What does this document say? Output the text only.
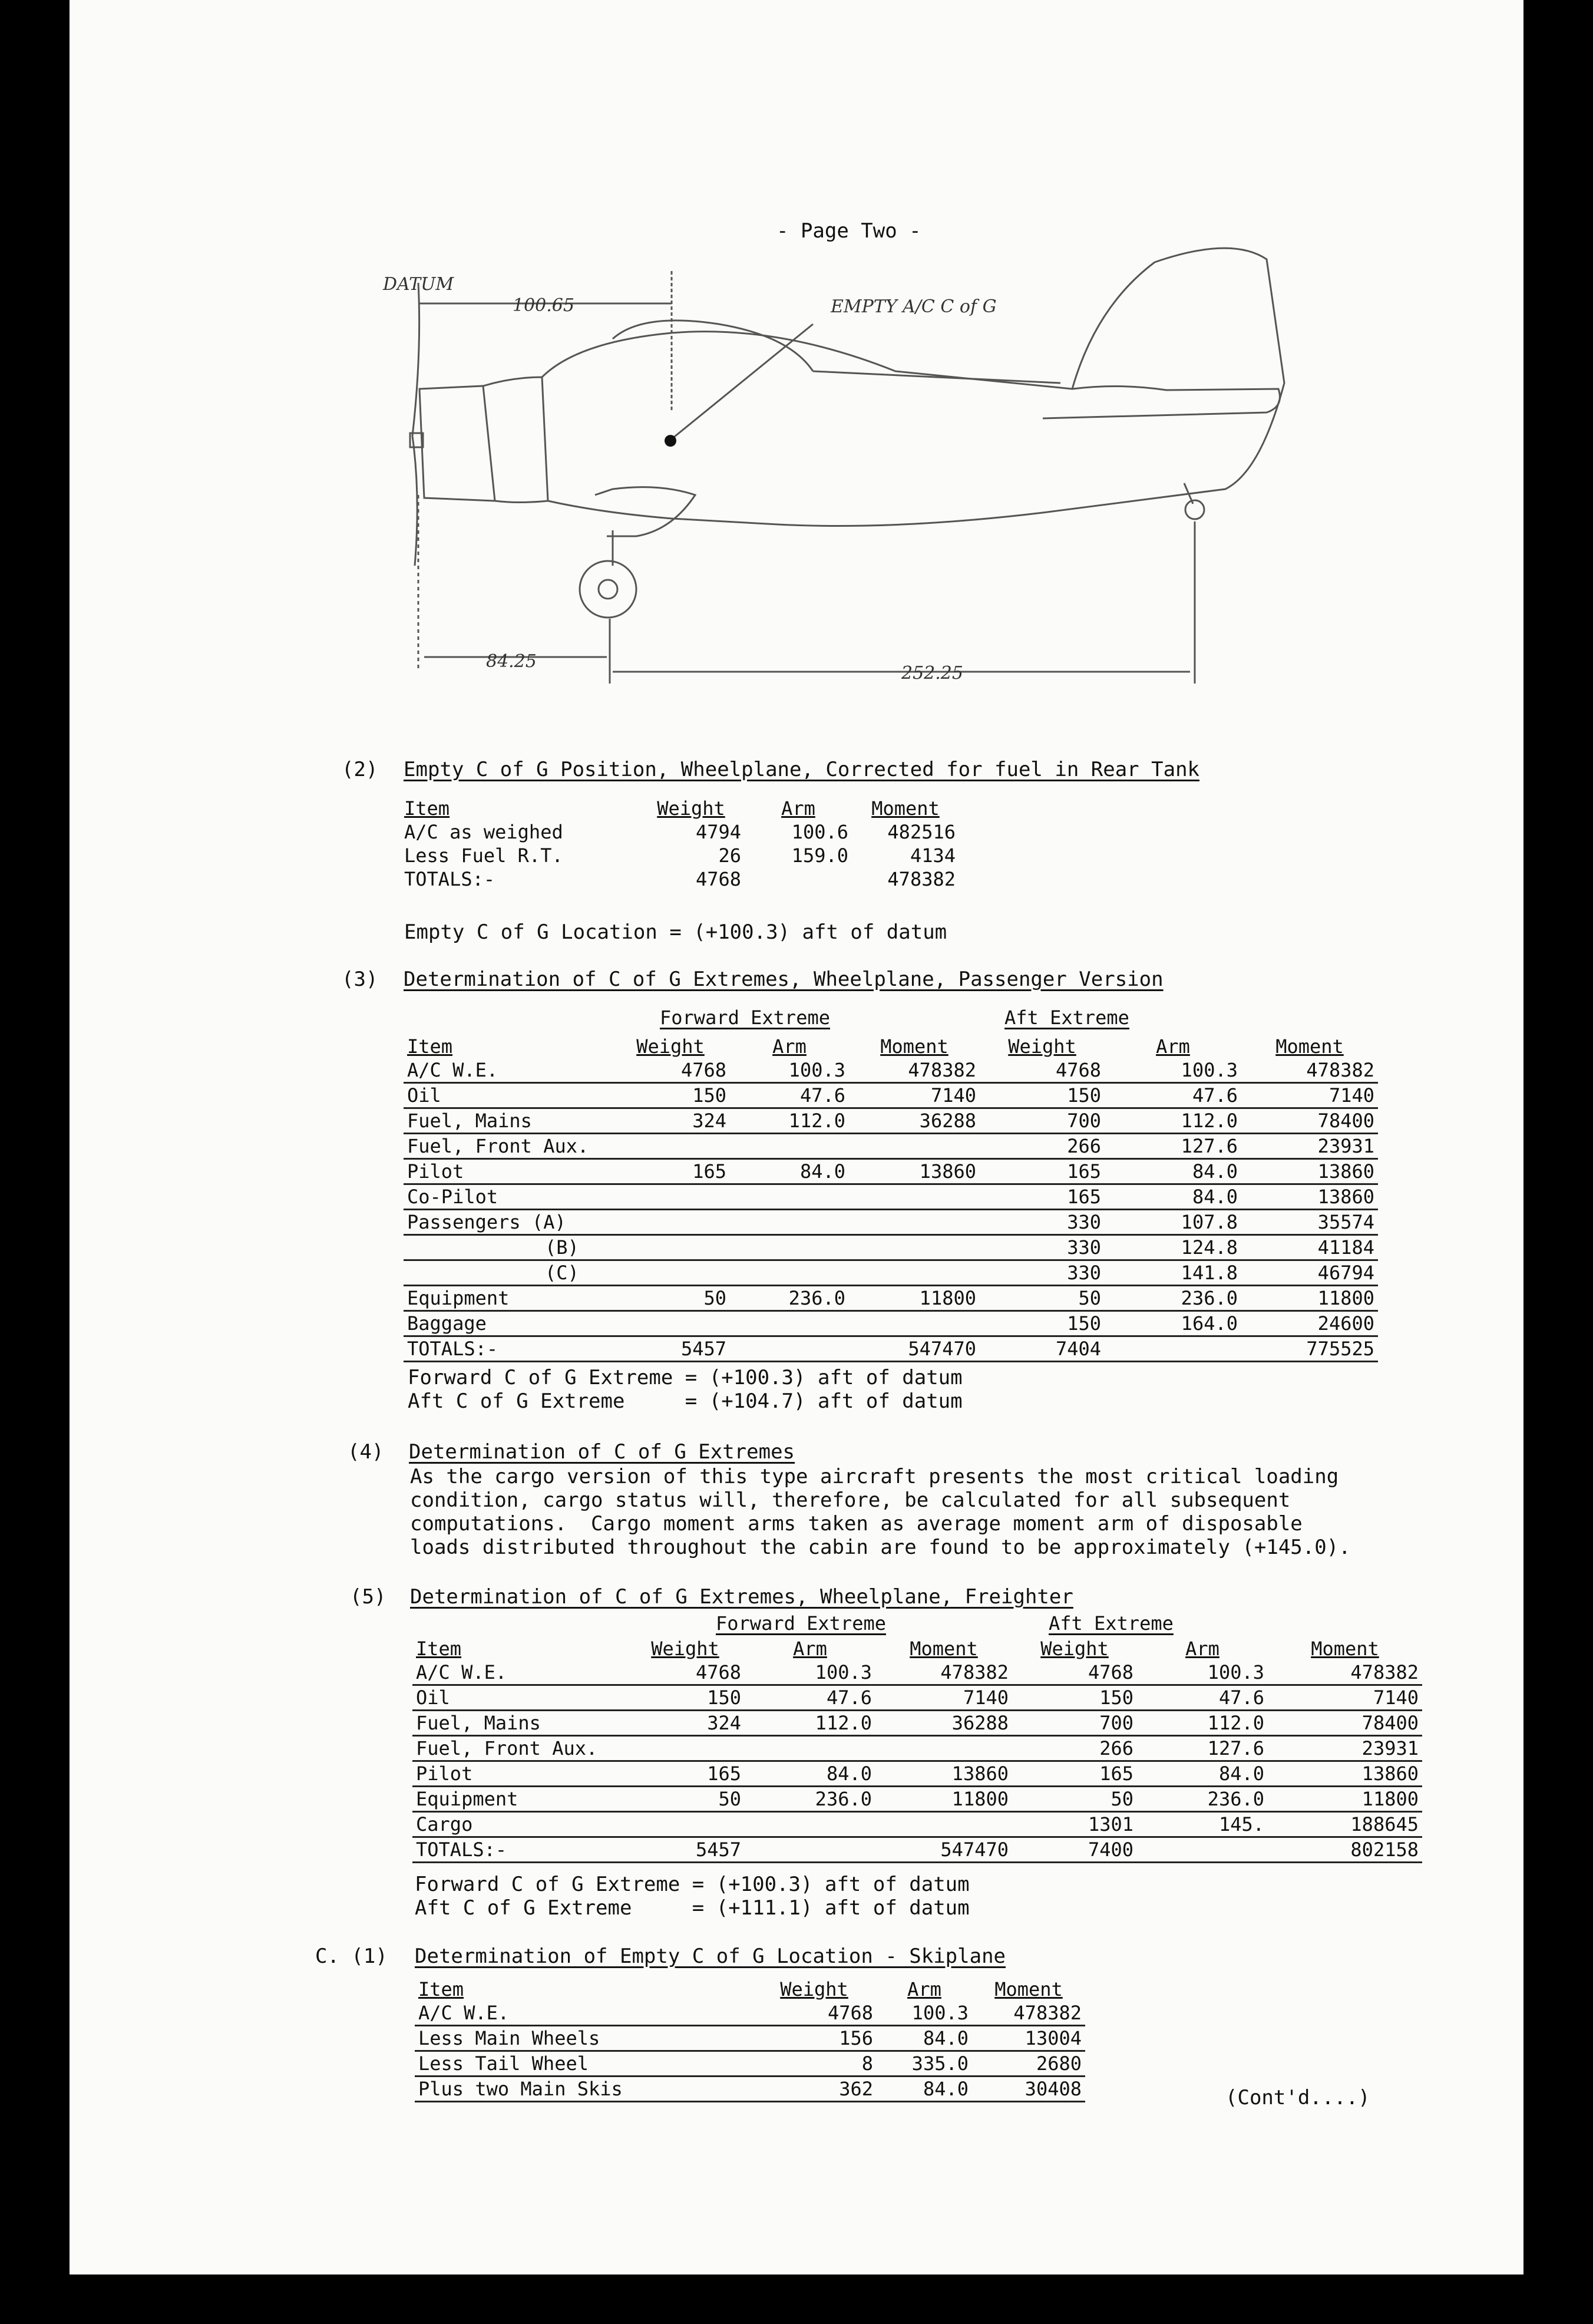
- Page Two -
DATUM
100.65	EMPTY A/C C of G
84.25
252.25
(2) Empty C of G Position, Wheelplane, Corrected for fuel in Rear Tank
Item	Weight	Arm	Moment
A/C as weighed	4794	100.6	482516
Less Fuel R.T.	26	159.0	4134
TOTALS:-	4768		478382
Empty C of G Location = (+100.3) aft of datum
(3) Determination of C of G Extremes, Wheelplane, Passenger Version
Forward Extreme	Aft Extreme
Item	Weight	Arm	Moment	Weight	Arm	Moment
A/C W.E.	4768	100.3	478382	4768	100.3	478382
Oil	150	47.6	7140	150	47.6	7140
Fuel, Mains	324	112.0	36288	700	112.0	78400
Fuel, Front Aux.				266	127.6	23931
Pilot	165	84.0	13860	165	84.0	13860
Co-Pilot				165	84.0	13860
Passengers (A)				330	107.8	35574
(B)				330	124.8	41184
(C)				330	141.8	46794
Equipment	50	236.0	11800	50	236.0	11800
Baggage				150	164.0	24600
TOTALS:-	5457		547470	7404		775525
Forward C of G Extreme = (+100.3) aft of datum
Aft C of G Extreme     = (+104.7) aft of datum
(4) Determination of C of G Extremes
As the cargo version of this type aircraft presents the most critical loading
condition, cargo status will, therefore, be calculated for all subsequent
computations.  Cargo moment arms taken as average moment arm of disposable
loads distributed throughout the cabin are found to be approximately (+145.0).
(5) Determination of C of G Extremes, Wheelplane, Freighter
Forward Extreme	Aft Extreme
Item	Weight	Arm	Moment	Weight	Arm	Moment
A/C W.E.	4768	100.3	478382	4768	100.3	478382
Oil	150	47.6	7140	150	47.6	7140
Fuel, Mains	324	112.0	36288	700	112.0	78400
Fuel, Front Aux.				266	127.6	23931
Pilot	165	84.0	13860	165	84.0	13860
Equipment	50	236.0	11800	50	236.0	11800
Cargo				1301	145.	188645
TOTALS:-	5457		547470	7400		802158
Forward C of G Extreme = (+100.3) aft of datum
Aft C of G Extreme     = (+111.1) aft of datum
C. (1) Determination of Empty C of G Location - Skiplane
Item	Weight	Arm	Moment
A/C W.E.	4768	100.3	478382
Less Main Wheels	156	84.0	13004
Less Tail Wheel	8	335.0	2680
Plus two Main Skis	362	84.0	30408	(Cont'd....)
